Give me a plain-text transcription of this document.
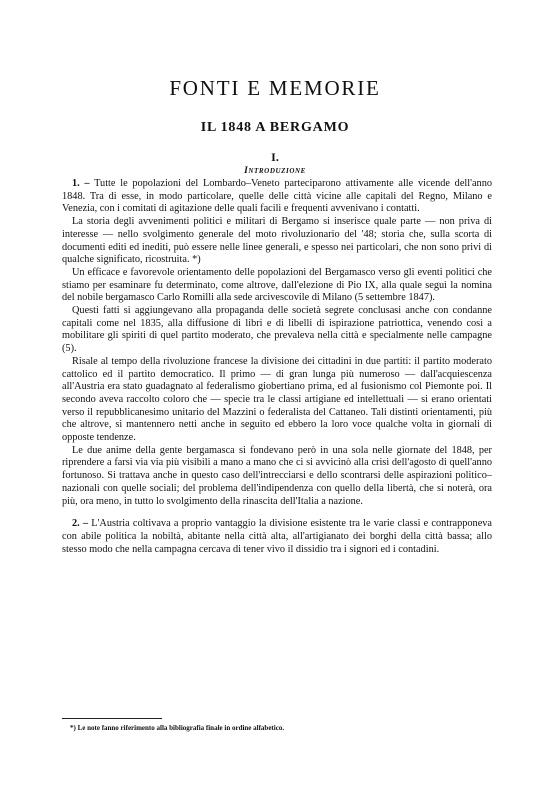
FONTI E MEMORIE
IL 1848 A BERGAMO
I.
Introduzione

1. – Tutte le popolazioni del Lombardo–Veneto parteciparono attivamente alle vicende dell'anno 1848. Tra di esse, in modo particolare, quelle delle città vicine alle capitali del Regno, Milano e Venezia, con i comitati di agitazione delle quali facili e frequenti avvenivano i contatti.

La storia degli avvenimenti politici e militari di Bergamo si inserisce quale parte — non priva di interesse — nello svolgimento generale del moto rivoluzionario del '48; storia che, sulla scorta di documenti editi ed inediti, può essere nelle linee generali, e spesso nei particolari, che non sono privi di qualche significato, ricostruita. *)

Un efficace e favorevole orientamento delle popolazioni del Bergamasco verso gli eventi politici che stiamo per esaminare fu determinato, come altrove, dall'elezione di Pio IX, alla quale seguì la nomina del nobile bergamasco Carlo Romilli alla sede arcivescovile di Milano (5 settembre 1847).

Questi fatti si aggiungevano alla propaganda delle società segrete conclusasi anche con condanne capitali come nel 1835, alla diffusione di libri e di libelli di ispirazione patriottica, venendo così a mobilitare gli spiriti di quel partito moderato, che prevaleva nella città e specialmente nelle campagne (5).

Risale al tempo della rivoluzione francese la divisione dei cittadini in due partiti: il partito moderato cattolico ed il partito democratico. Il primo — di gran lunga più numeroso — dall'acquiescenza all'Austria era stato guadagnato al federalismo giobertiano prima, ed al fusionismo col Piemonte poi. Il secondo aveva raccolto coloro che — specie tra le classi artigiane ed intellettuali — si erano orientati verso il repubblicanesimo unitario del Mazzini o federalista del Cattaneo. Tali distinti orientamenti, più che altrove, si mantennero netti anche in seguito ed ebbero la loro voce qualche volta in giornali di opposte tendenze.

Le due anime della gente bergamasca si fondevano però in una sola nelle giornate del 1848, per riprendere a farsi via via più visibili a mano a mano che ci si avvicinò alla crisi dell'agosto di quell'anno fortunoso. Si trattava anche in questo caso dell'intrecciarsi e dello scontrarsi delle aspirazioni politico–nazionali con quelle sociali; del problema dell'indipendenza con quello della libertà, che si noterà, ora più, ora meno, in tutto lo svolgimento della rinascita dell'Italia a nazione.

2. – L'Austria coltivava a proprio vantaggio la divisione esistente tra le varie classi e contrapponeva con abile politica la nobiltà, abitante nella città alta, all'artigianato dei borghi della città bassa; allo stesso modo che nella campagna cercava di tener vivo il dissidio tra i signori ed i contadini.

*) Le note fanno riferimento alla bibliografia finale in ordine alfabetico.
